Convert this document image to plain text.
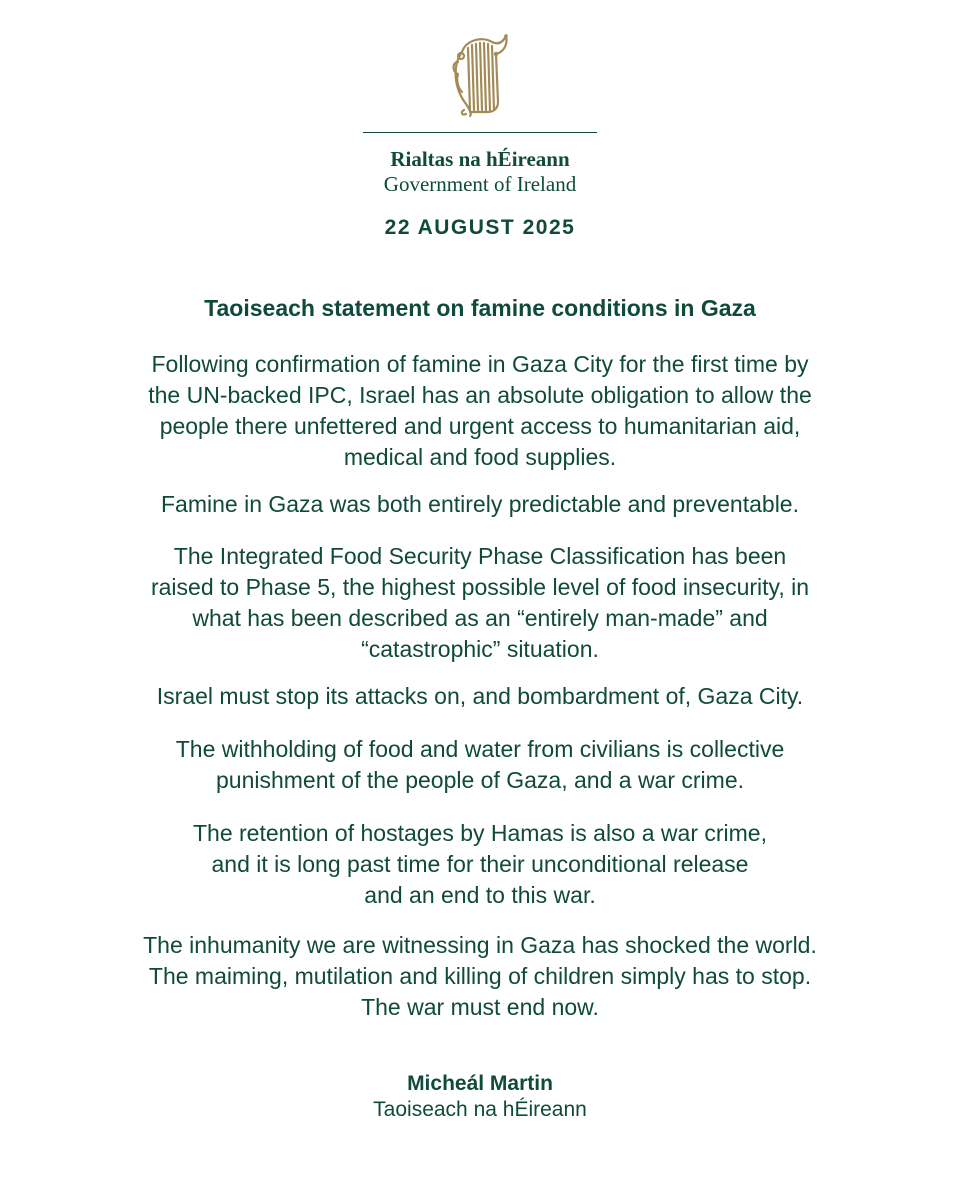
Rialtas na hÉireann
Government of Ireland
22 AUGUST 2025
Taoiseach statement on famine conditions in Gaza
Following confirmation of famine in Gaza City for the first time by
the UN-backed IPC, Israel has an absolute obligation to allow the
people there unfettered and urgent access to humanitarian aid,
medical and food supplies.
Famine in Gaza was both entirely predictable and preventable.
The Integrated Food Security Phase Classification has been
raised to Phase 5, the highest possible level of food insecurity, in
what has been described as an “entirely man-made” and
“catastrophic” situation.
Israel must stop its attacks on, and bombardment of, Gaza City.
The withholding of food and water from civilians is collective
punishment of the people of Gaza, and a war crime.
The retention of hostages by Hamas is also a war crime,
and it is long past time for their unconditional release
and an end to this war.
The inhumanity we are witnessing in Gaza has shocked the world.
The maiming, mutilation and killing of children simply has to stop.
The war must end now.
Micheál Martin
Taoiseach na hÉireann
